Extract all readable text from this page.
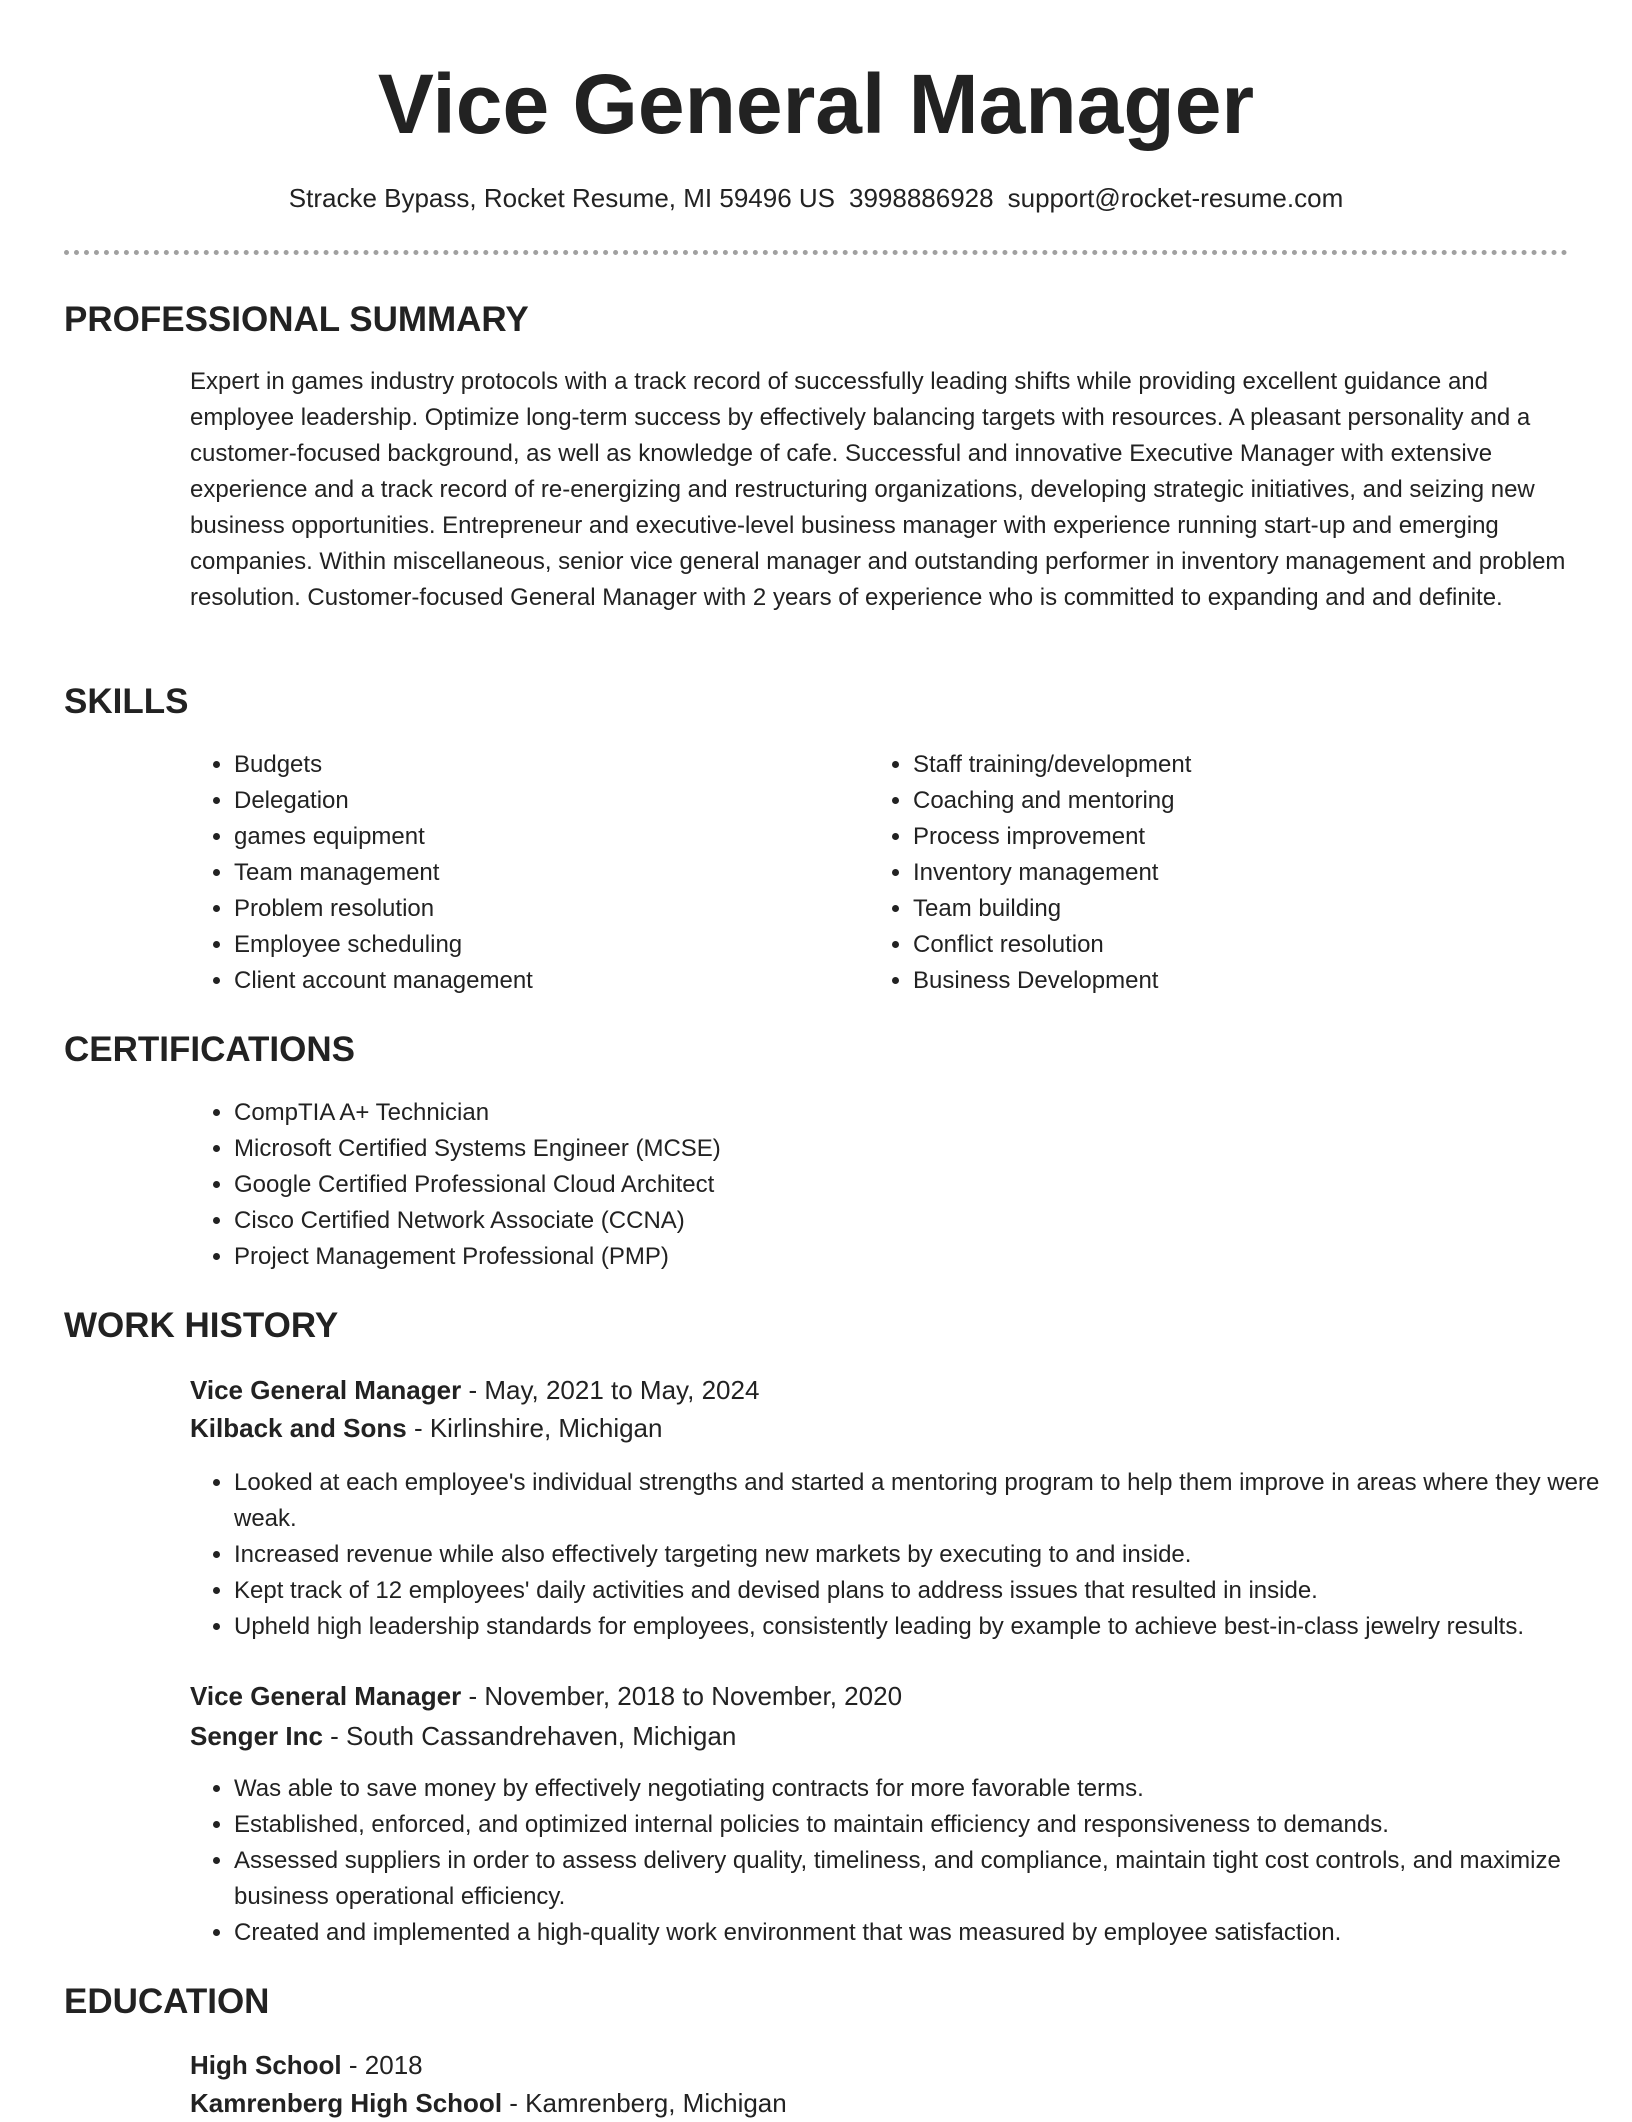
Vice General Manager
Stracke Bypass, Rocket Resume, MI 59496 US 3998886928 support@rocket-resume.com
PROFESSIONAL SUMMARY

Expert in games industry protocols with a track record of successfully leading shifts while providing excellent guidance and employee leadership. Optimize long-term success by effectively balancing targets with resources. A pleasant personality and a customer-focused background, as well as knowledge of cafe. Successful and innovative Executive Manager with extensive experience and a track record of re-energizing and restructuring organizations, developing strategic initiatives, and seizing new business opportunities. Entrepreneur and executive-level business manager with experience running start-up and emerging companies. Within miscellaneous, senior vice general manager and outstanding performer in inventory management and problem resolution. Customer-focused General Manager with 2 years of experience who is committed to expanding and and definite.

SKILLS
• Budgets
• Delegation
• games equipment
• Team management
• Problem resolution
• Employee scheduling
• Client account management
• Staff training/development
• Coaching and mentoring
• Process improvement
• Inventory management
• Team building
• Conflict resolution
• Business Development
CERTIFICATIONS
• CompTIA A+ Technician
• Microsoft Certified Systems Engineer (MCSE)
• Google Certified Professional Cloud Architect
• Cisco Certified Network Associate (CCNA)
• Project Management Professional (PMP)
WORK HISTORY
Vice General Manager - May, 2021 to May, 2024
Kilback and Sons - Kirlinshire, Michigan
• Looked at each employee's individual strengths and started a mentoring program to help them improve in areas where they were weak.
• Increased revenue while also effectively targeting new markets by executing to and inside.
• Kept track of 12 employees' daily activities and devised plans to address issues that resulted in inside.
• Upheld high leadership standards for employees, consistently leading by example to achieve best-in-class jewelry results.
Vice General Manager - November, 2018 to November, 2020
Senger Inc - South Cassandrehaven, Michigan
• Was able to save money by effectively negotiating contracts for more favorable terms.
• Established, enforced, and optimized internal policies to maintain efficiency and responsiveness to demands.
• Assessed suppliers in order to assess delivery quality, timeliness, and compliance, maintain tight cost controls, and maximize business operational efficiency.
• Created and implemented a high-quality work environment that was measured by employee satisfaction.
EDUCATION
High School - 2018
Kamrenberg High School - Kamrenberg, Michigan
